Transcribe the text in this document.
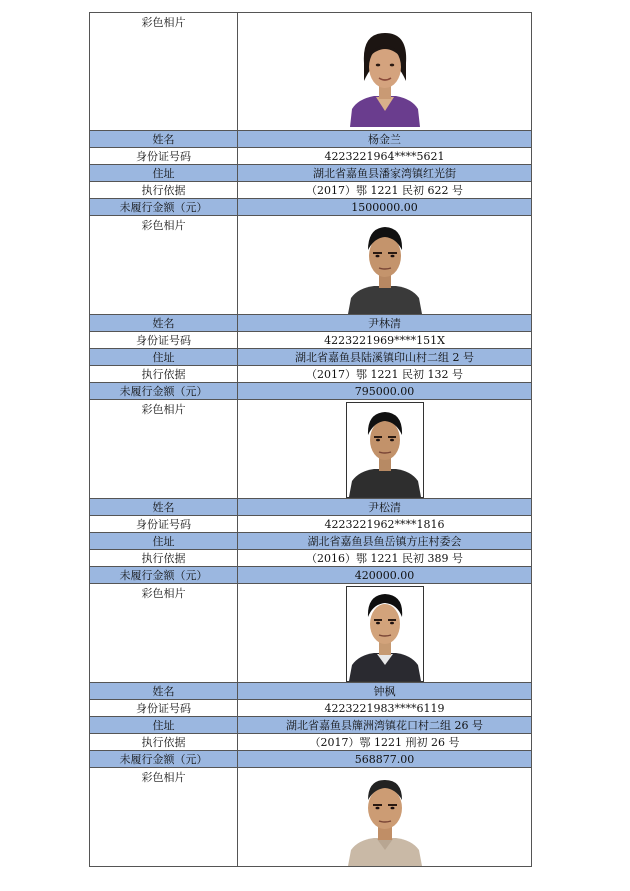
彩色相片	

姓名	杨金兰
身份证号码	4223221964****5621
住址	湖北省嘉鱼县潘家湾镇红光街
执行依据	（2017）鄂 1221 民初 622 号
未履行金额（元）	1500000.00
彩色相片	

姓名	尹林清
身份证号码	4223221969****151X
住址	湖北省嘉鱼县陆溪镇印山村二组 2 号
执行依据	（2017）鄂 1221 民初 132 号
未履行金额（元）	795000.00
彩色相片	

姓名	尹松清
身份证号码	4223221962****1816
住址	湖北省嘉鱼县鱼岳镇方庄村委会
执行依据	（2016）鄂 1221 民初 389 号
未履行金额（元）	420000.00
彩色相片	

姓名	钟枫
身份证号码	4223221983****6119
住址	湖北省嘉鱼县簰洲湾镇花口村二组 26 号
执行依据	（2017）鄂 1221 刑初 26 号
未履行金额（元）	568877.00
彩色相片	
